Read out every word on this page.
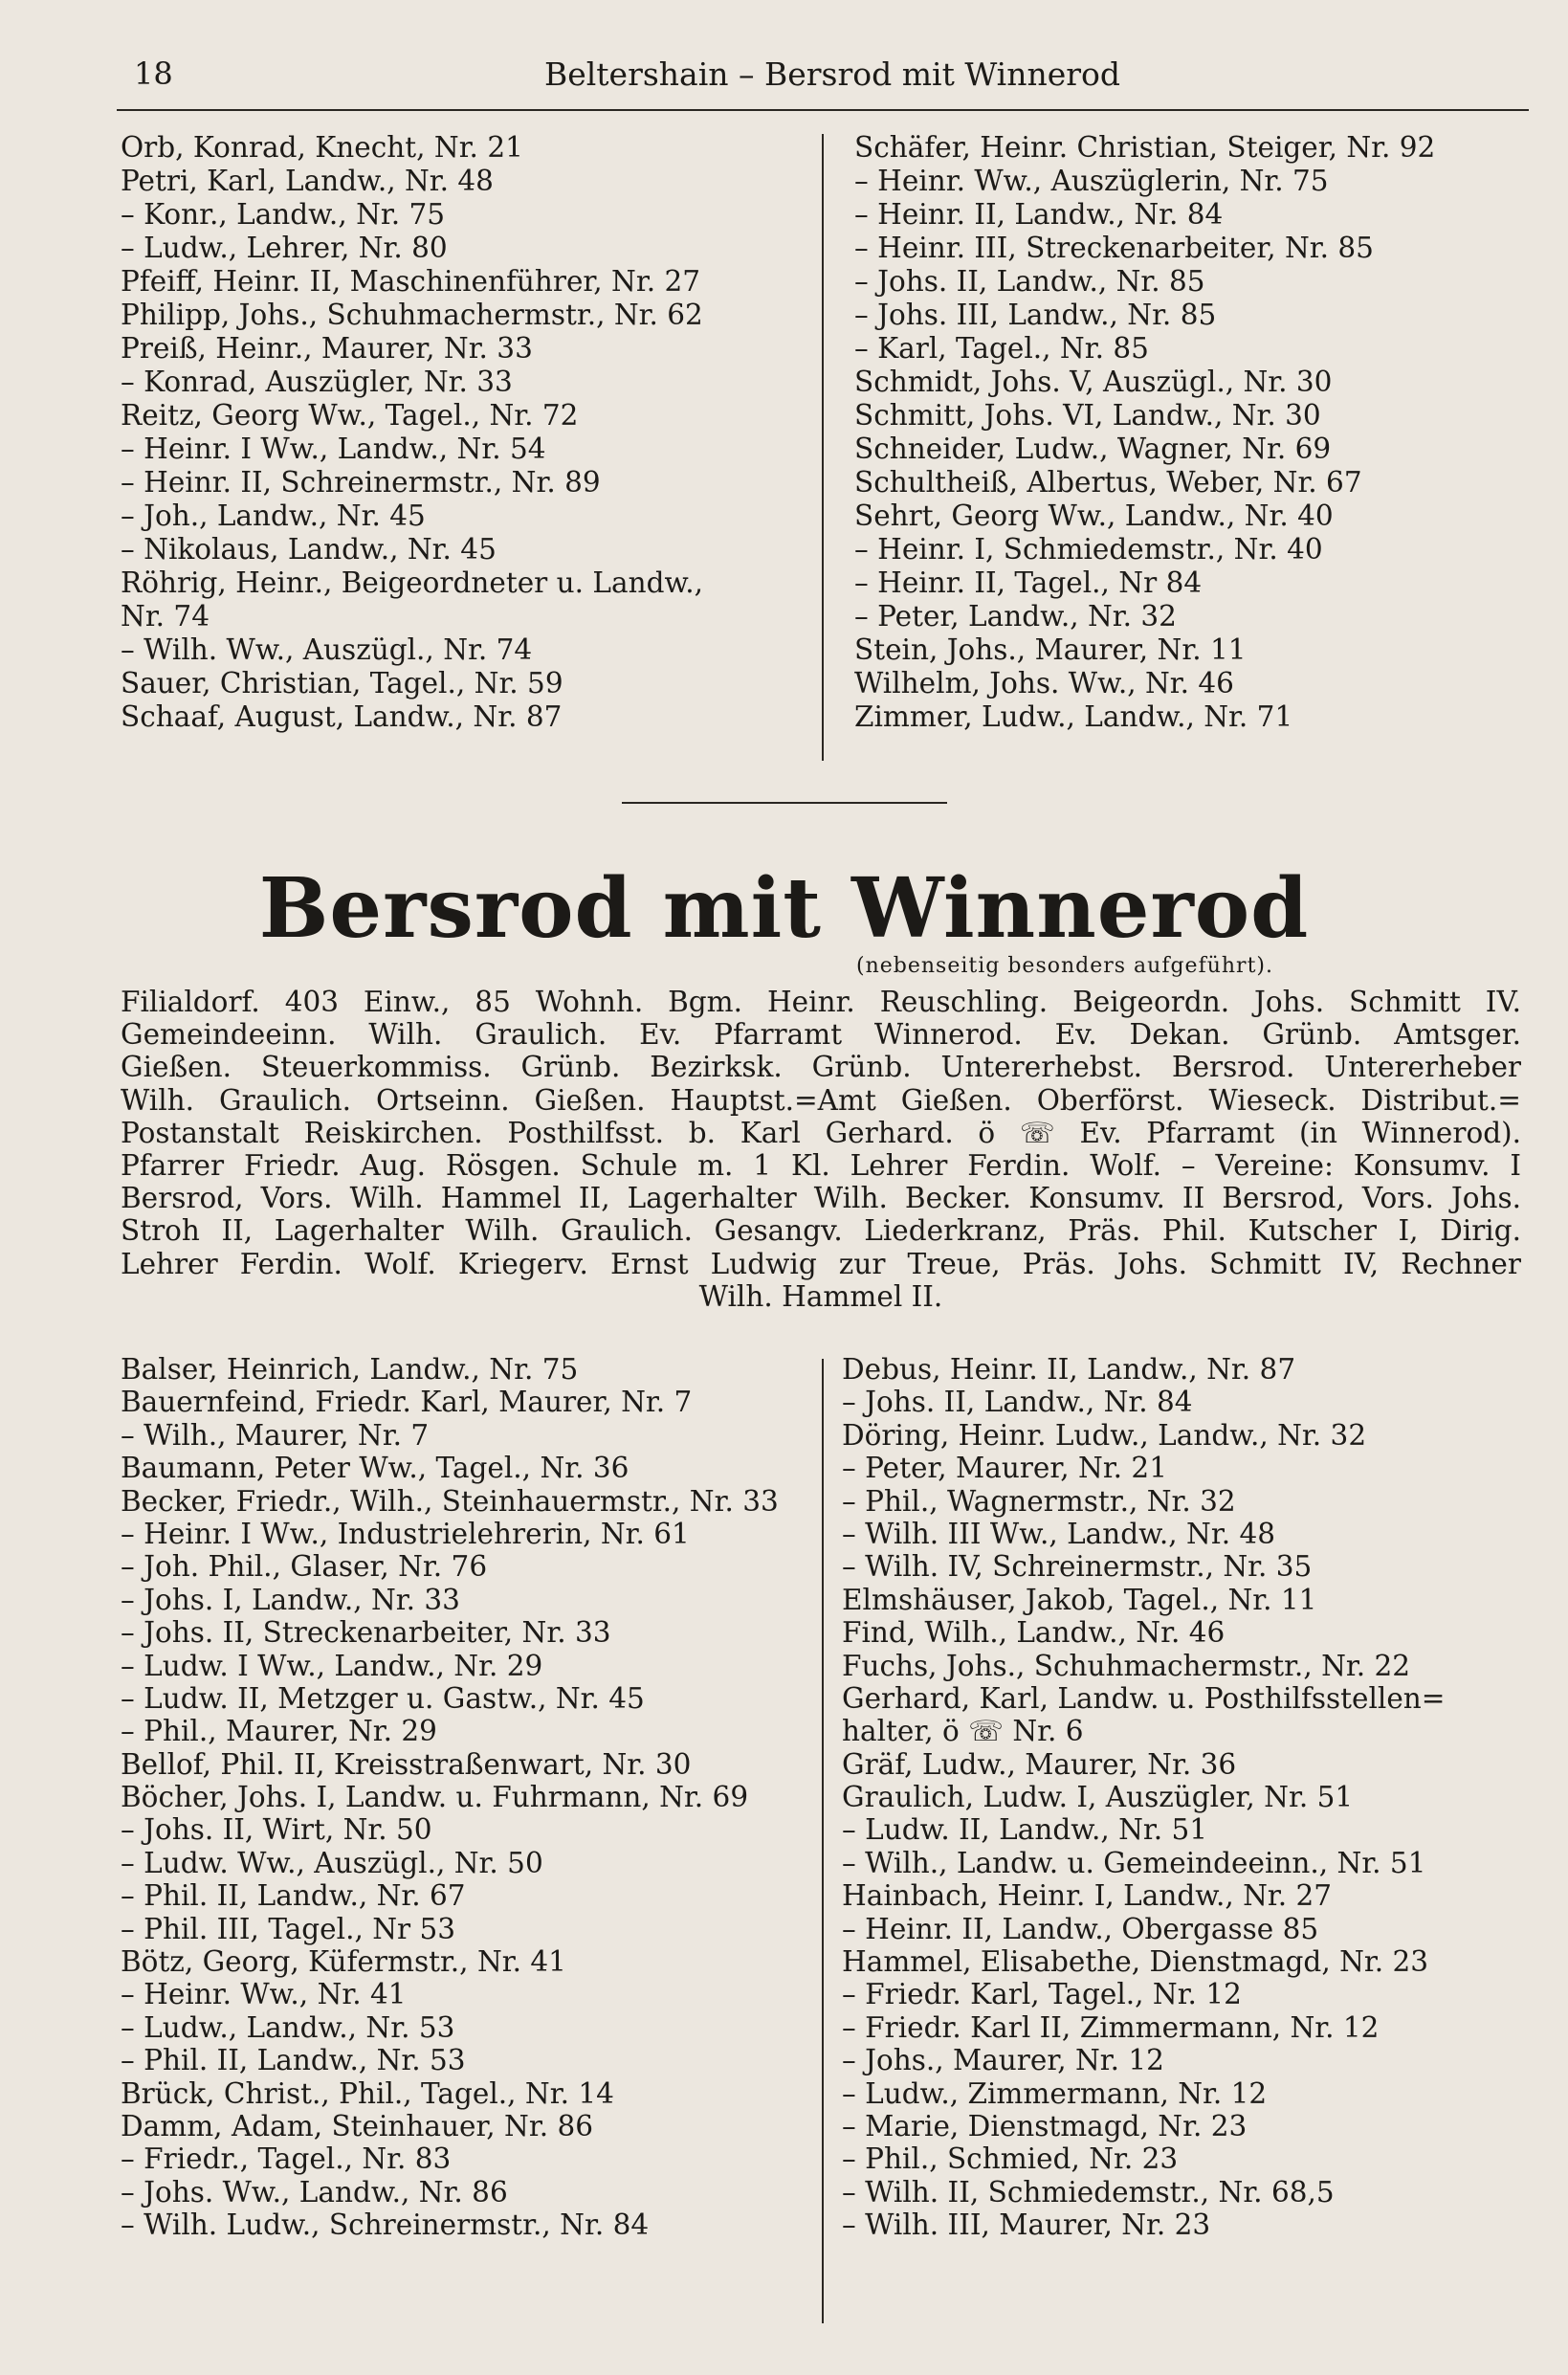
18	Beltershain – Bersrod mit Winnerod
Orb, Konrad, Knecht, Nr. 21
Petri, Karl, Landw., Nr. 48
– Konr., Landw., Nr. 75
– Ludw., Lehrer, Nr. 80
Pfeiff, Heinr. II, Maschinenführer, Nr. 27
Philipp, Johs., Schuhmachermstr., Nr. 62
Preiß, Heinr., Maurer, Nr. 33
– Konrad, Auszügler, Nr. 33
Reitz, Georg Ww., Tagel., Nr. 72
– Heinr. I Ww., Landw., Nr. 54
– Heinr. II, Schreinermstr., Nr. 89
– Joh., Landw., Nr. 45
– Nikolaus, Landw., Nr. 45
Röhrig, Heinr., Beigeordneter u. Landw.,
Nr. 74
– Wilh. Ww., Auszügl., Nr. 74
Sauer, Christian, Tagel., Nr. 59
Schaaf, August, Landw., Nr. 87
Schäfer, Heinr. Christian, Steiger, Nr. 92
– Heinr. Ww., Auszüglerin, Nr. 75
– Heinr. II, Landw., Nr. 84
– Heinr. III, Streckenarbeiter, Nr. 85
– Johs. II, Landw., Nr. 85
– Johs. III, Landw., Nr. 85
– Karl, Tagel., Nr. 85
Schmidt, Johs. V, Auszügl., Nr. 30
Schmitt, Johs. VI, Landw., Nr. 30
Schneider, Ludw., Wagner, Nr. 69
Schultheiß, Albertus, Weber, Nr. 67
Sehrt, Georg Ww., Landw., Nr. 40
– Heinr. I, Schmiedemstr., Nr. 40
– Heinr. II, Tagel., Nr 84
– Peter, Landw., Nr. 32
Stein, Johs., Maurer, Nr. 11
Wilhelm, Johs. Ww., Nr. 46
Zimmer, Ludw., Landw., Nr. 71
Bersrod mit Winnerod
(nebenseitig besonders aufgeführt).
Filialdorf. 403 Einw., 85 Wohnh. Bgm. Heinr. Reuschling. Beigeordn. Johs. Schmitt IV.
Gemeindeeinn. Wilh. Graulich. Ev. Pfarramt Winnerod. Ev. Dekan. Grünb. Amtsger.
Gießen. Steuerkommiss. Grünb. Bezirksk. Grünb. Untererhebst. Bersrod. Untererheber
Wilh. Graulich. Ortseinn. Gießen. Hauptst.=Amt Gießen. Oberförst. Wieseck. Distribut.=
Postanstalt Reiskirchen. Posthilfsst. b. Karl Gerhard. ö ☏ Ev. Pfarramt (in Winnerod).
Pfarrer Friedr. Aug. Rösgen. Schule m. 1 Kl. Lehrer Ferdin. Wolf. – Vereine: Konsumv. I
Bersrod, Vors. Wilh. Hammel II, Lagerhalter Wilh. Becker. Konsumv. II Bersrod, Vors. Johs.
Stroh II, Lagerhalter Wilh. Graulich. Gesangv. Liederkranz, Präs. Phil. Kutscher I, Dirig.
Lehrer Ferdin. Wolf. Kriegerv. Ernst Ludwig zur Treue, Präs. Johs. Schmitt IV, Rechner
Wilh. Hammel II.
Balser, Heinrich, Landw., Nr. 75
Bauernfeind, Friedr. Karl, Maurer, Nr. 7
– Wilh., Maurer, Nr. 7
Baumann, Peter Ww., Tagel., Nr. 36
Becker, Friedr., Wilh., Steinhauermstr., Nr. 33
– Heinr. I Ww., Industrielehrerin, Nr. 61
– Joh. Phil., Glaser, Nr. 76
– Johs. I, Landw., Nr. 33
– Johs. II, Streckenarbeiter, Nr. 33
– Ludw. I Ww., Landw., Nr. 29
– Ludw. II, Metzger u. Gastw., Nr. 45
– Phil., Maurer, Nr. 29
Bellof, Phil. II, Kreisstraßenwart, Nr. 30
Böcher, Johs. I, Landw. u. Fuhrmann, Nr. 69
– Johs. II, Wirt, Nr. 50
– Ludw. Ww., Auszügl., Nr. 50
– Phil. II, Landw., Nr. 67
– Phil. III, Tagel., Nr 53
Bötz, Georg, Küfermstr., Nr. 41
– Heinr. Ww., Nr. 41
– Ludw., Landw., Nr. 53
– Phil. II, Landw., Nr. 53
Brück, Christ., Phil., Tagel., Nr. 14
Damm, Adam, Steinhauer, Nr. 86
– Friedr., Tagel., Nr. 83
– Johs. Ww., Landw., Nr. 86
– Wilh. Ludw., Schreinermstr., Nr. 84
Debus, Heinr. II, Landw., Nr. 87
– Johs. II, Landw., Nr. 84
Döring, Heinr. Ludw., Landw., Nr. 32
– Peter, Maurer, Nr. 21
– Phil., Wagnermstr., Nr. 32
– Wilh. III Ww., Landw., Nr. 48
– Wilh. IV, Schreinermstr., Nr. 35
Elmshäuser, Jakob, Tagel., Nr. 11
Find, Wilh., Landw., Nr. 46
Fuchs, Johs., Schuhmachermstr., Nr. 22
Gerhard, Karl, Landw. u. Posthilfsstellen=
halter, ö ☏ Nr. 6
Gräf, Ludw., Maurer, Nr. 36
Graulich, Ludw. I, Auszügler, Nr. 51
– Ludw. II, Landw., Nr. 51
– Wilh., Landw. u. Gemeindeeinn., Nr. 51
Hainbach, Heinr. I, Landw., Nr. 27
– Heinr. II, Landw., Obergasse 85
Hammel, Elisabethe, Dienstmagd, Nr. 23
– Friedr. Karl, Tagel., Nr. 12
– Friedr. Karl II, Zimmermann, Nr. 12
– Johs., Maurer, Nr. 12
– Ludw., Zimmermann, Nr. 12
– Marie, Dienstmagd, Nr. 23
– Phil., Schmied, Nr. 23
– Wilh. II, Schmiedemstr., Nr. 68,5
– Wilh. III, Maurer, Nr. 23
